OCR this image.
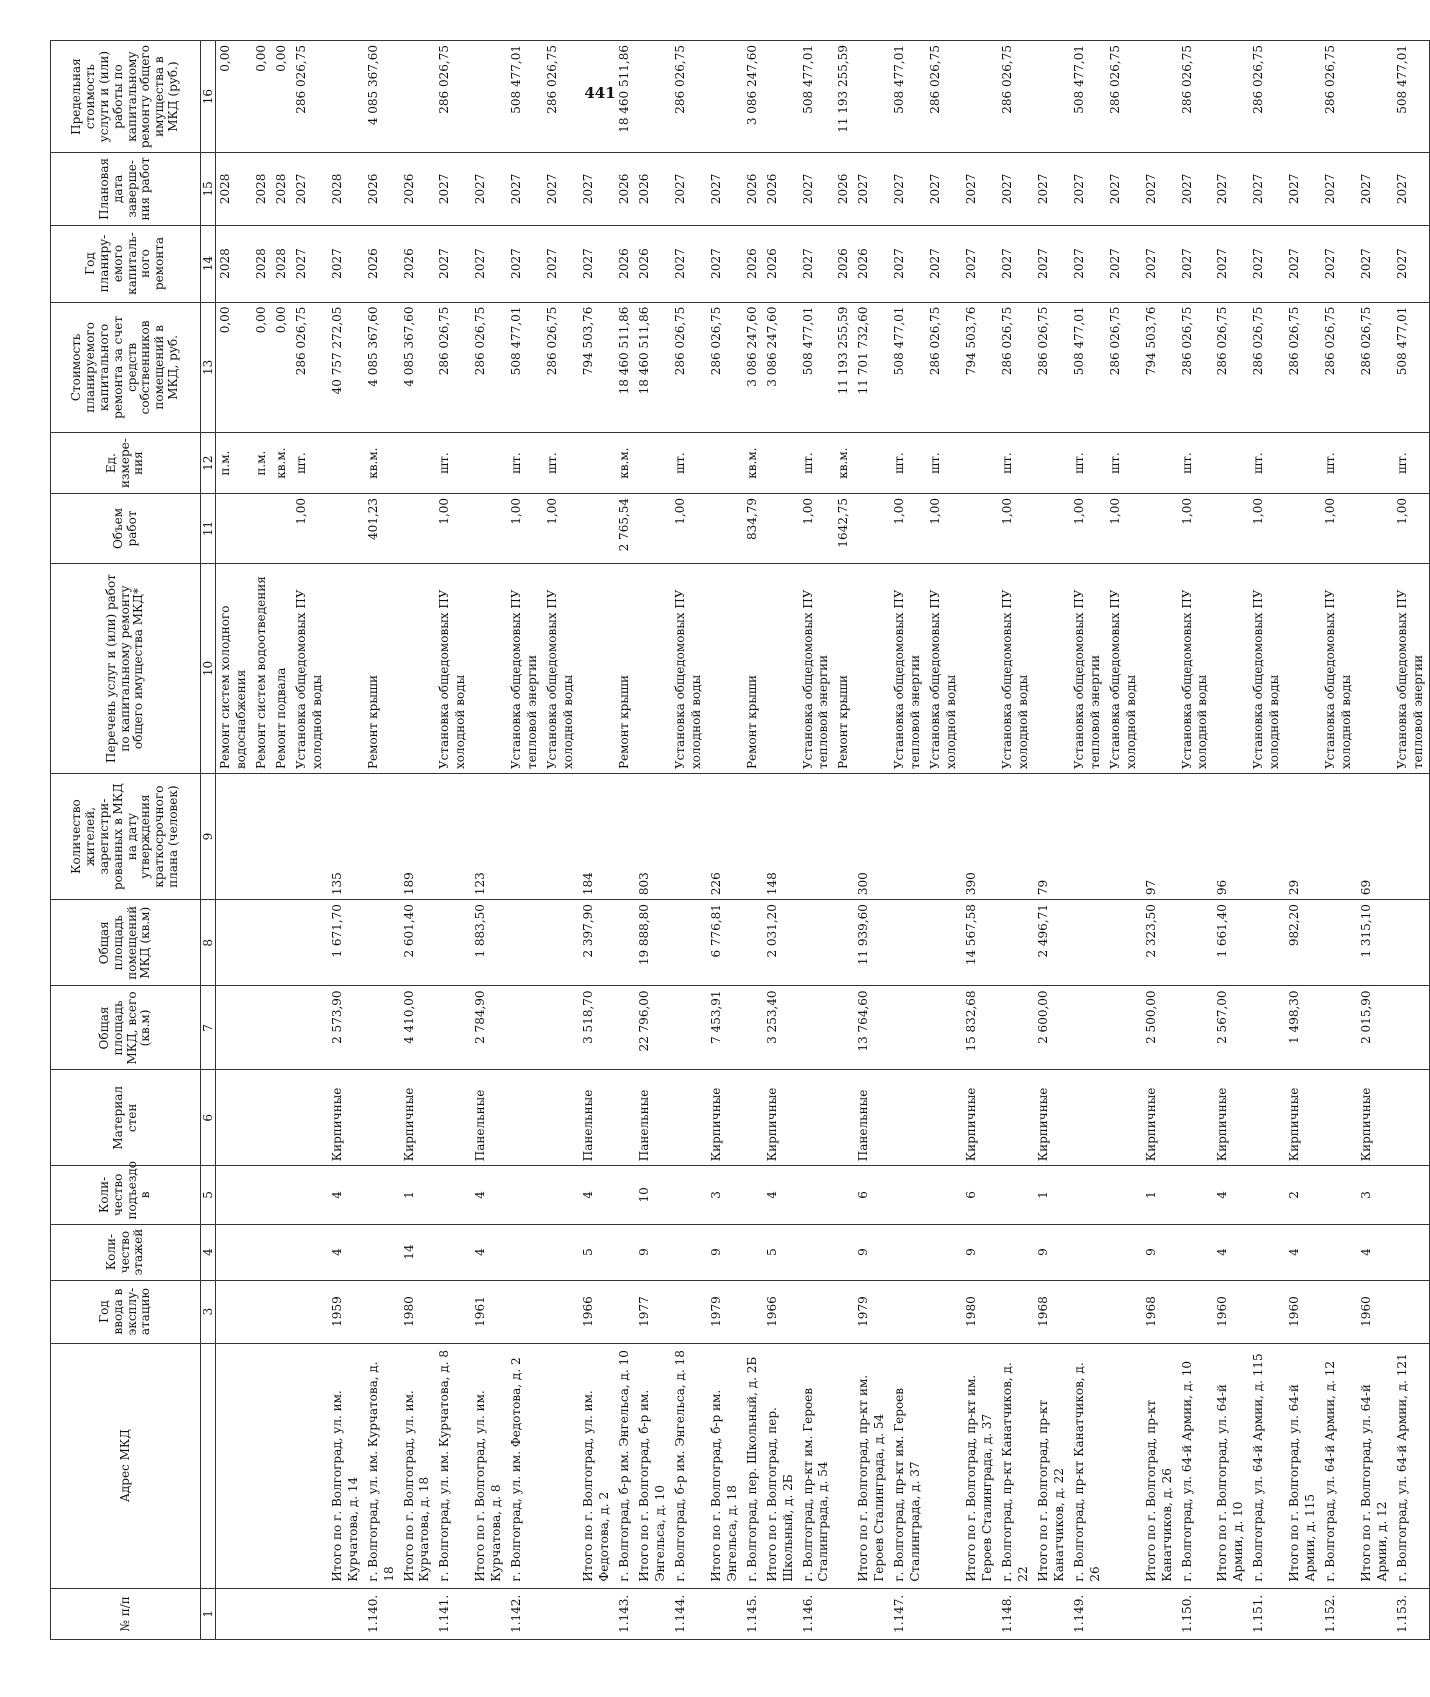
441
№ п/п	Адрес МКД	Год ввода в эксплу-атацию	Коли-чество этажей	Коли-чество подъездо в	Материал стен	Общая площадь МКД, всего (кв.м)	Общая площадь помещений МКД (кв.м)	Количество жителей, зарегистри-рованных в МКД на дату утверждения краткосрочного плана (человек)	Перечень услуг и (или) работ по капитальному ремонту общего имущества МКД*	Объем работ	Ед. измере-ния	Стоимость планируемого капитального ремонта за счет средств собственников помещений в МКД, руб.	Год планиру-емого капиталь-ного ремонта	Плановая дата заверше-ния работ	Предельная стоимость услуги и (или) работы по капитальному ремонту общего имущества в МКД (руб.)
1		3	4	5	6	7	8	9	10	11	12	13	14	15	16
									Ремонт систем холодного водоснабжения		п.м.	0,00	2028	2028	0,00
									Ремонт систем водоотведения		п.м.	0,00	2028	2028	0,00
									Ремонт подвала		кв.м.	0,00	2028	2028	0,00
									Установка общедомовых ПУ холодной воды	1,00	шт.	286 026,75	2027	2027	286 026,75
	Итого по г. Волгоград, ул. им. Курчатова, д. 14	1959	4	4	Кирпичные	2 573,90	1 671,70	135				40 757 272,05	2027	2028	
1.140.	г. Волгоград, ул. им. Курчатова, д. 18								Ремонт крыши	401,23	кв.м.	4 085 367,60	2026	2026	4 085 367,60
	Итого по г. Волгоград, ул. им. Курчатова, д. 18	1980	14	1	Кирпичные	4 410,00	2 601,40	189				4 085 367,60	2026	2026	
1.141.	г. Волгоград, ул. им. Курчатова, д. 8								Установка общедомовых ПУ холодной воды	1,00	шт.	286 026,75	2027	2027	286 026,75
	Итого по г. Волгоград, ул. им. Курчатова, д. 8	1961	4	4	Панельные	2 784,90	1 883,50	123				286 026,75	2027	2027	
1.142.	г. Волгоград, ул. им. Федотова, д. 2								Установка общедомовых ПУ тепловой энергии	1,00	шт.	508 477,01	2027	2027	508 477,01
									Установка общедомовых ПУ холодной воды	1,00	шт.	286 026,75	2027	2027	286 026,75
	Итого по г. Волгоград, ул. им. Федотова, д. 2	1966	5	4	Панельные	3 518,70	2 397,90	184				794 503,76	2027	2027	
1.143.	г. Волгоград, б-р им. Энгельса, д. 10								Ремонт крыши	2 765,54	кв.м.	18 460 511,86	2026	2026	18 460 511,86
	Итого по г. Волгоград, б-р им. Энгельса, д. 10	1977	9	10	Панельные	22 796,00	19 888,80	803				18 460 511,86	2026	2026	
1.144.	г. Волгоград, б-р им. Энгельса, д. 18								Установка общедомовых ПУ холодной воды	1,00	шт.	286 026,75	2027	2027	286 026,75
	Итого по г. Волгоград, б-р им. Энгельса, д. 18	1979	9	3	Кирпичные	7 453,91	6 776,81	226				286 026,75	2027	2027	
1.145.	г. Волгоград, пер. Школьный, д. 2Б								Ремонт крыши	834,79	кв.м.	3 086 247,60	2026	2026	3 086 247,60
	Итого по г. Волгоград, пер. Школьный, д. 2Б	1966	5	4	Кирпичные	3 253,40	2 031,20	148				3 086 247,60	2026	2026	
1.146.	г. Волгоград, пр-кт им. Героев Сталинграда, д. 54								Установка общедомовых ПУ тепловой энергии	1,00	шт.	508 477,01	2027	2027	508 477,01
									Ремонт крыши	1642,75	кв.м.	11 193 255,59	2026	2026	11 193 255,59
	Итого по г. Волгоград, пр-кт им. Героев Сталинграда, д. 54	1979	9	6	Панельные	13 764,60	11 939,60	300				11 701 732,60	2026	2027	
1.147.	г. Волгоград, пр-кт им. Героев Сталинграда, д. 37								Установка общедомовых ПУ тепловой энергии	1,00	шт.	508 477,01	2027	2027	508 477,01
									Установка общедомовых ПУ холодной воды	1,00	шт.	286 026,75	2027	2027	286 026,75
	Итого по г. Волгоград, пр-кт им. Героев Сталинграда, д. 37	1980	9	6	Кирпичные	15 832,68	14 567,58	390				794 503,76	2027	2027	
1.148.	г. Волгоград, пр-кт Канатчиков, д. 22								Установка общедомовых ПУ холодной воды	1,00	шт.	286 026,75	2027	2027	286 026,75
	Итого по г. Волгоград, пр-кт Канатчиков, д. 22	1968	9	1	Кирпичные	2 600,00	2 496,71	79				286 026,75	2027	2027	
1.149.	г. Волгоград, пр-кт Канатчиков, д. 26								Установка общедомовых ПУ тепловой энергии	1,00	шт.	508 477,01	2027	2027	508 477,01
									Установка общедомовых ПУ холодной воды	1,00	шт.	286 026,75	2027	2027	286 026,75
	Итого по г. Волгоград, пр-кт Канатчиков, д. 26	1968	9	1	Кирпичные	2 500,00	2 323,50	97				794 503,76	2027	2027	
1.150.	г. Волгоград, ул. 64-й Армии, д. 10								Установка общедомовых ПУ холодной воды	1,00	шт.	286 026,75	2027	2027	286 026,75
	Итого по г. Волгоград, ул. 64-й Армии, д. 10	1960	4	4	Кирпичные	2 567,00	1 661,40	96				286 026,75	2027	2027	
1.151.	г. Волгоград, ул. 64-й Армии, д. 115								Установка общедомовых ПУ холодной воды	1,00	шт.	286 026,75	2027	2027	286 026,75
	Итого по г. Волгоград, ул. 64-й Армии, д. 115	1960	4	2	Кирпичные	1 498,30	982,20	29				286 026,75	2027	2027	
1.152.	г. Волгоград, ул. 64-й Армии, д. 12								Установка общедомовых ПУ холодной воды	1,00	шт.	286 026,75	2027	2027	286 026,75
	Итого по г. Волгоград, ул. 64-й Армии, д. 12	1960	4	3	Кирпичные	2 015,90	1 315,10	69				286 026,75	2027	2027	
1.153.	г. Волгоград, ул. 64-й Армии, д. 121								Установка общедомовых ПУ тепловой энергии	1,00	шт.	508 477,01	2027	2027	508 477,01
